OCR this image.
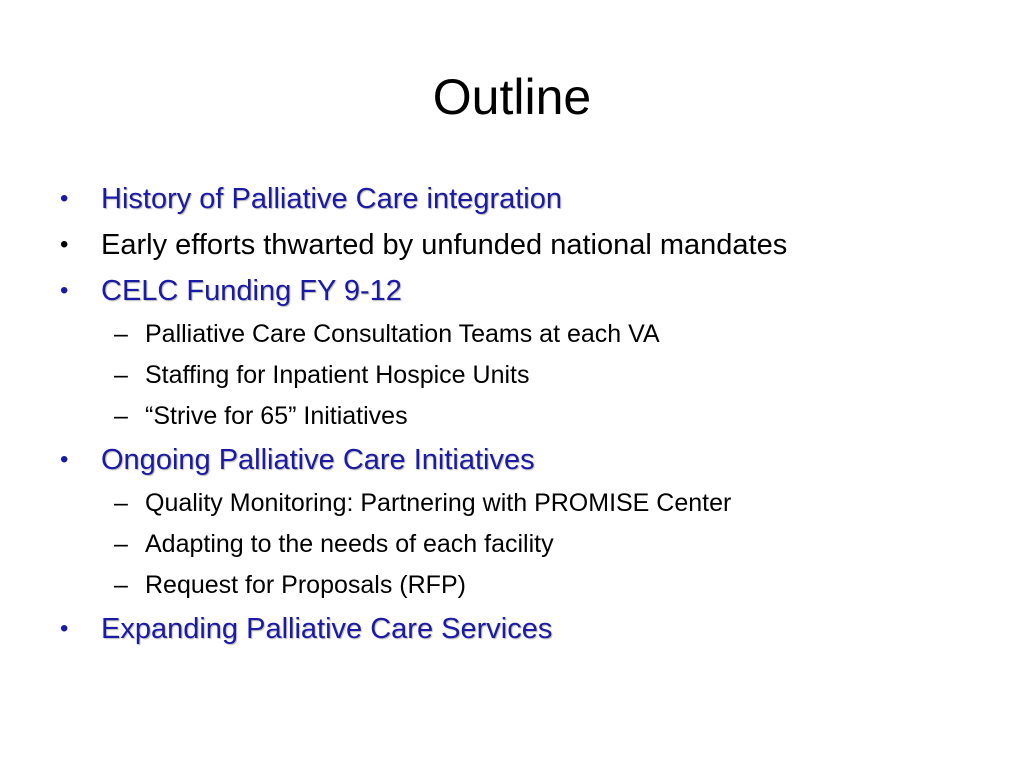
Outline
• History of Palliative Care integration
• Early efforts thwarted by unfunded national mandates
• CELC Funding FY 9-12
– Palliative Care Consultation Teams at each VA
– Staffing for Inpatient Hospice Units
– “Strive for 65” Initiatives
• Ongoing Palliative Care Initiatives
– Quality Monitoring: Partnering with PROMISE Center
– Adapting to the needs of each facility
– Request for Proposals (RFP)
• Expanding Palliative Care Services
